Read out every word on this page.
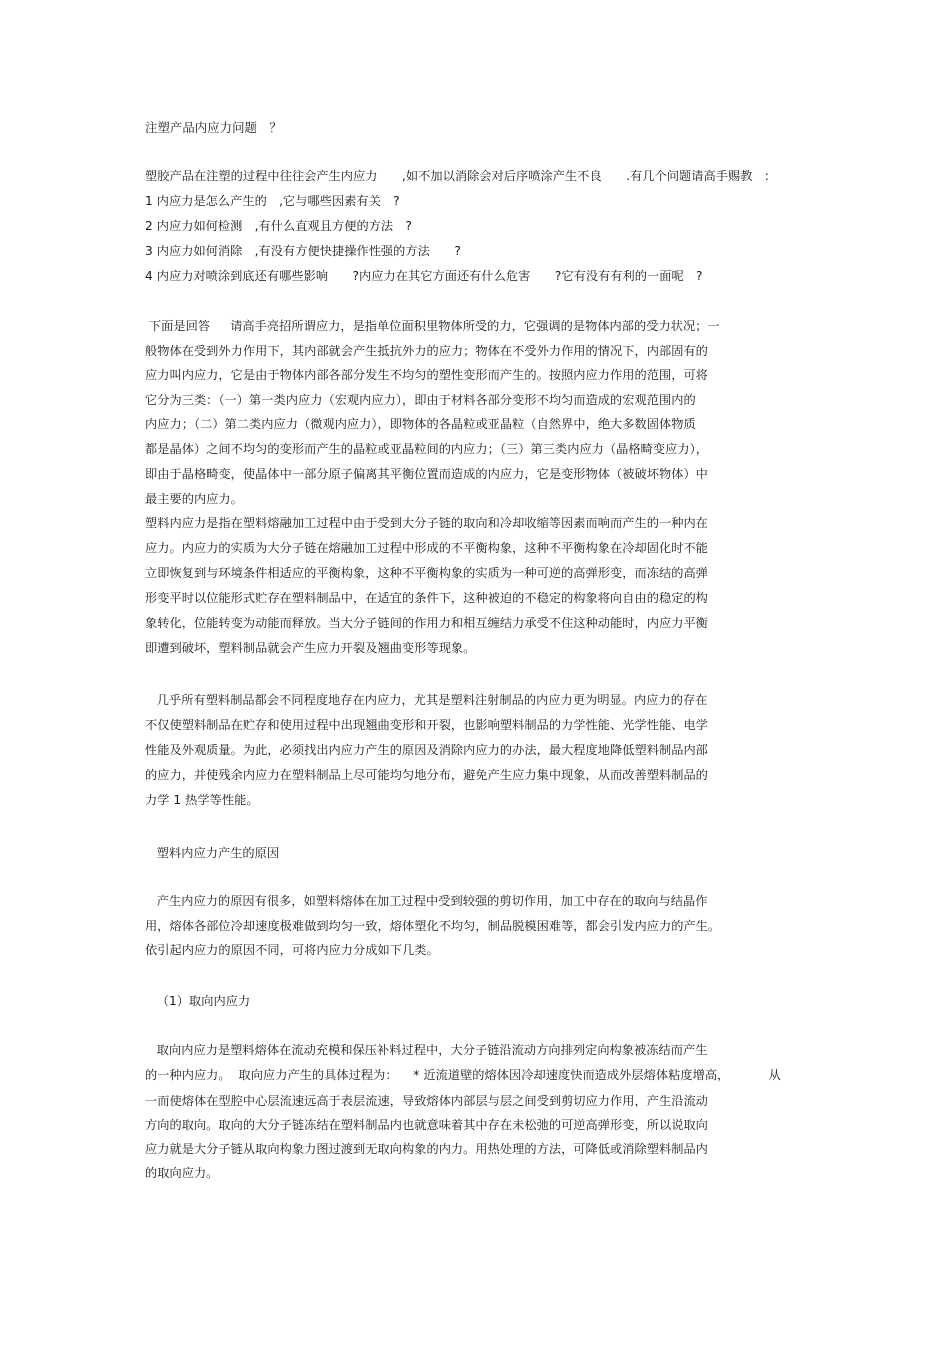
注塑产品内应力问题　？
塑胶产品在注塑的过程中往往会产生内应力　　,如不加以消除会对后序喷涂产生不良　　.有几个问题请高手赐教　:
1 内应力是怎么产生的　,它与哪些因素有关　?
2 内应力如何检测　,有什么直观且方便的方法　?
3 内应力如何消除　,有没有方便快捷操作性强的方法　　?
4 内应力对喷涂到底还有哪些影响　　?内应力在其它方面还有什么危害　　?它有没有有利的一面呢　?
下面是回答　  请高手亮招所谓应力，是指单位面积里物体所受的力，它强调的是物体内部的受力状况；一
般物体在受到外力作用下，其内部就会产生抵抗外力的应力；物体在不受外力作用的情况下，内部固有的
应力叫内应力，它是由于物体内部各部分发生不均匀的塑性变形而产生的。按照内应力作用的范围，可将
它分为三类：（一）第一类内应力（宏观内应力），即由于材料各部分变形不均匀而造成的宏观范围内的
内应力；（二）第二类内应力（微观内应力），即物体的各晶粒或亚晶粒（自然界中，绝大多数固体物质
都是晶体）之间不均匀的变形而产生的晶粒或亚晶粒间的内应力；（三）第三类内应力（晶格畸变应力），
即由于晶格畸变，使晶体中一部分原子偏离其平衡位置而造成的内应力，它是变形物体（被破坏物体）中
最主要的内应力。
塑料内应力是指在塑料熔融加工过程中由于受到大分子链的取向和冷却收缩等因素而响而产生的一种内在
应力。内应力的实质为大分子链在熔融加工过程中形成的不平衡构象，这种不平衡构象在冷却固化时不能
立即恢复到与环境条件相适应的平衡构象，这种不平衡构象的实质为一种可逆的高弹形变，而冻结的高弹
形变平时以位能形式贮存在塑料制品中，在适宜的条件下，这种被迫的不稳定的构象将向自由的稳定的构
象转化，位能转变为动能而释放。当大分子链间的作用力和相互缠结力承受不住这种动能时，内应力平衡
即遭到破坏，塑料制品就会产生应力开裂及翘曲变形等现象。
几乎所有塑料制品都会不同程度地存在内应力，尤其是塑料注射制品的内应力更为明显。内应力的存在
不仅使塑料制品在贮存和使用过程中出现翘曲变形和开裂，也影响塑料制品的力学性能、光学性能、电学
性能及外观质量。为此，必须找出内应力产生的原因及消除内应力的办法，最大程度地降低塑料制品内部
的应力，并使残余内应力在塑料制品上尽可能均匀地分布，避免产生应力集中现象，从而改善塑料制品的
力学 1 热学等性能。
塑料内应力产生的原因
产生内应力的原因有很多，如塑料熔体在加工过程中受到较强的剪切作用，加工中存在的取向与结晶作
用，熔体各部位冷却速度极难做到均匀一致，熔体塑化不均匀，制品脱模困难等，都会引发内应力的产生。
依引起内应力的原因不同，可将内应力分成如下几类。
（1）取向内应力
取向内应力是塑料熔体在流动充模和保压补料过程中，大分子链沿流动方向排列定向构象被冻结而产生
的一种内应力。  取向应力产生的具体过程为：    * 近流道壁的熔体因冷却速度快而造成外层熔体粘度增高，          从
一而使熔体在型腔中心层流速远高于表层流速，导致熔体内部层与层之间受到剪切应力作用，产生沿流动
方向的取向。取向的大分子链冻结在塑料制品内也就意味着其中存在未松弛的可逆高弹形变，所以说取向
应力就是大分子链从取向构象力图过渡到无取向构象的内力。用热处理的方法，可降低或消除塑料制品内
的取向应力。
